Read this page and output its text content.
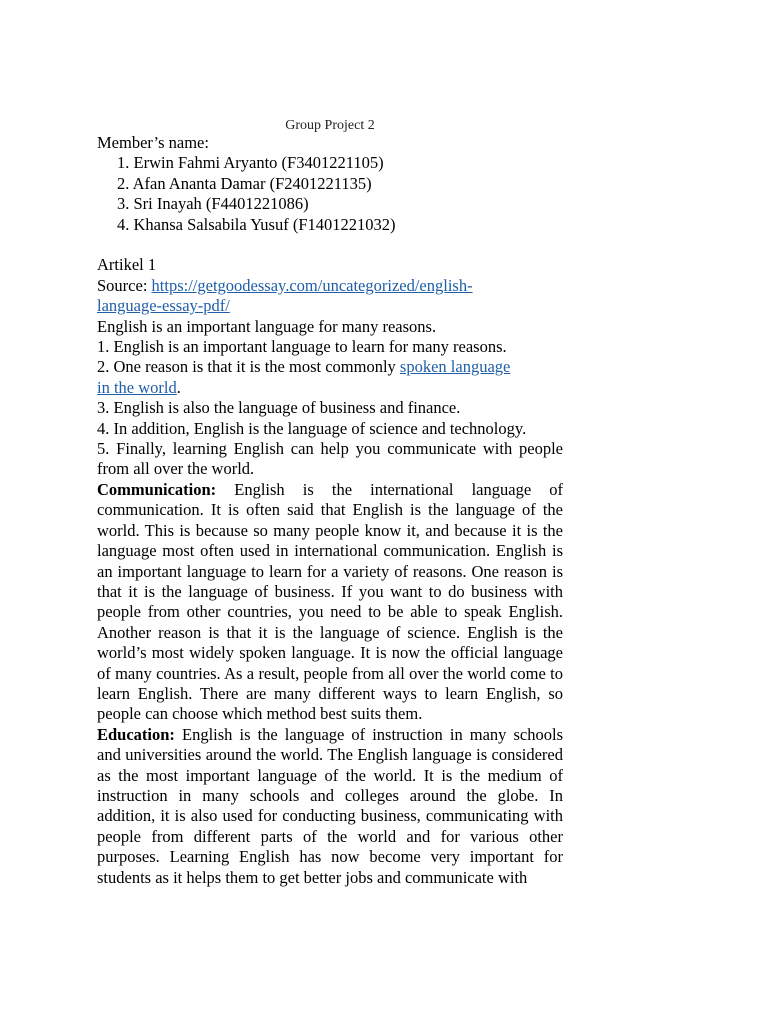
Group Project 2
Member’s name:
1. Erwin Fahmi Aryanto (F3401221105)
2. Afan Ananta Damar (F2401221135)
3. Sri Inayah (F4401221086)
4. Khansa Salsabila Yusuf (F1401221032)
Artikel 1
Source: https://getgoodessay.com/uncategorized/english-
language-essay-pdf/
English is an important language for many reasons.
1. English is an important language to learn for many reasons.
2. One reason is that it is the most commonly spoken language
in the world.
3. English is also the language of business and finance.

4. In addition, English is the language of science and technology.

5. Finally, learning English can help you communicate with people from all over the world.

Communication: English is the international language of communication. It is often said that English is the language of the world. This is because so many people know it, and because it is the language most often used in international communication. English is an important language to learn for a variety of reasons. One reason is that it is the language of business. If you want to do business with people from other countries, you need to be able to speak English. Another reason is that it is the language of science. English is the world’s most widely spoken language. It is now the official language of many countries. As a result, people from all over the world come to learn English. There are many different ways to learn English, so people can choose which method best suits them.

Education: English is the language of instruction in many schools and universities around the world. The English language is considered as the most important language of the world. It is the medium of instruction in many schools and colleges around the globe. In addition, it is also used for conducting business, communicating with people from different parts of the world and for various other purposes. Learning English has now become very important for students as it helps them to get better jobs and communicate with
